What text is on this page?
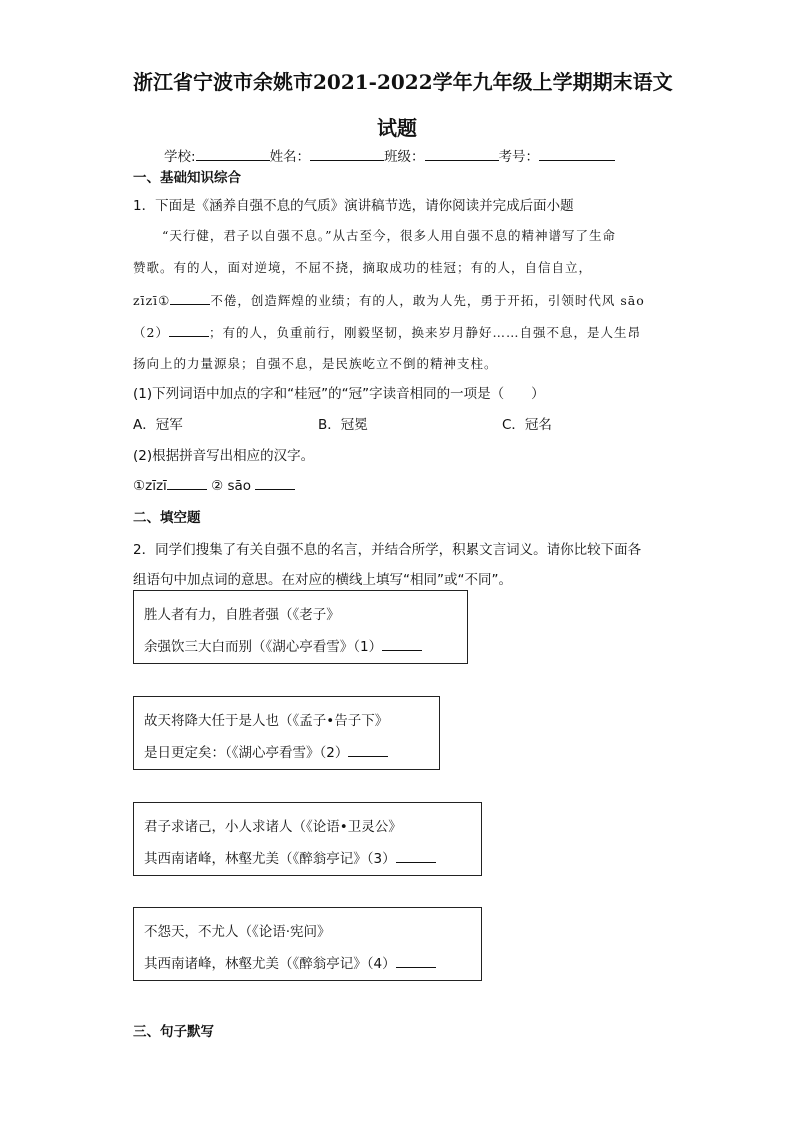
浙江省宁波市余姚市2021-2022学年九年级上学期期末语文
试题
学校:	姓名：	班级：	考号：
一、基础知识综合
1．下面是《涵养自强不息的气质》演讲稿节选，请你阅读并完成后面小题
“天行健，君子以自强不息。”从古至今，很多人用自强不息的精神谱写了生命
赞歌。有的人，面对逆境，不屈不挠，摘取成功的桂冠；有的人，自信自立，
zīzī①	不倦，创造辉煌的业绩；有的人，敢为人先，勇于开拓，引领时代风 sāo
（2）	；有的人，负重前行，刚毅坚韧，换来岁月静好……自强不息，是人生昂
扬向上的力量源泉；自强不息，是民族屹立不倒的精神支柱。
(1)下列词语中加点的字和“桂冠”的“冠”字读音相同的一项是（　　）
A．冠军	B．冠冕	C．冠名
(2)根据拼音写出相应的汉字。
①zīzī	② sāo
二、填空题
2．同学们搜集了有关自强不息的名言，并结合所学，积累文言词义。请你比较下面各
组语句中加点词的意思。在对应的横线上填写“相同”或“不同”。
胜人者有力，自胜者强（《老子》
余强饮三大白而别（《湖心亭看雪》（1）
故天将降大任于是人也（《孟子•告子下》
是日更定矣：（《湖心亭看雪》（2）
君子求诸己，小人求诸人（《论语•卫灵公》
其西南诸峰，林壑尤美（《醉翁亭记》（3）
不怨天，不尤人（《论语·宪问》
其西南诸峰，林壑尤美（《醉翁亭记》（4）
三、句子默写
